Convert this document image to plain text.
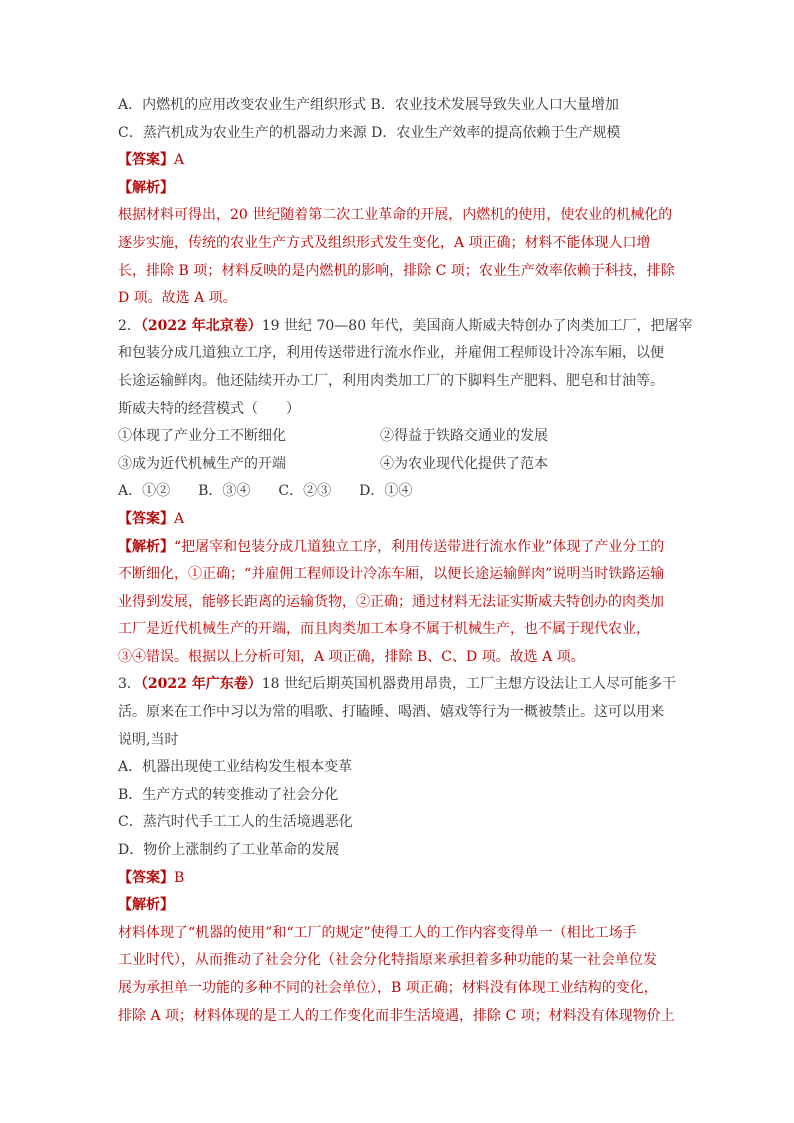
A．内燃机的应用改变农业生产组织形式 B．农业技术发展导致失业人口大量增加
C．蒸汽机成为农业生产的机器动力来源 D．农业生产效率的提高依赖于生产规模
【答案】A
【解析】
根据材料可得出，20 世纪随着第二次工业革命的开展，内燃机的使用，使农业的机械化的
逐步实施，传统的农业生产方式及组织形式发生变化，A 项正确；材料不能体现人口增
长，排除 B 项；材料反映的是内燃机的影响，排除 C 项；农业生产效率依赖于科技，排除
D 项。故选 A 项。
2．（2022 年北京卷）19 世纪 70—80 年代，美国商人斯威夫特创办了肉类加工厂，把屠宰
和包装分成几道独立工序，利用传送带进行流水作业，并雇佣工程师设计冷冻车厢，以便
长途运输鲜肉。他还陆续开办工厂，利用肉类加工厂的下脚料生产肥料、肥皂和甘油等。
斯威夫特的经营模式（　　）
①体现了产业分工不断细化	②得益于铁路交通业的发展
③成为近代机械生产的开端	④为农业现代化提供了范本
A．①② B．③④ C．②③ D．①④
【答案】A
【解析】“把屠宰和包装分成几道独立工序，利用传送带进行流水作业”体现了产业分工的
不断细化，①正确；“并雇佣工程师设计冷冻车厢，以便长途运输鲜肉”说明当时铁路运输
业得到发展，能够长距离的运输货物，②正确；通过材料无法证实斯威夫特创办的肉类加
工厂是近代机械生产的开端，而且肉类加工本身不属于机械生产，也不属于现代农业，
③④错误。根据以上分析可知，A 项正确，排除 B、C、D 项。故选 A 项。
3．（2022 年广东卷）18 世纪后期英国机器费用昂贵，工厂主想方设法让工人尽可能多干
活。原来在工作中习以为常的唱歌、打瞌睡、喝酒、嬉戏等行为一概被禁止。这可以用来
说明,当时
A．机器出现使工业结构发生根本变革
B．生产方式的转变推动了社会分化
C．蒸汽时代手工工人的生活境遇恶化
D．物价上涨制约了工业革命的发展
【答案】B
【解析】
材料体现了“机器的使用”和“工厂的规定”使得工人的工作内容变得单一（相比工场手
工业时代），从而推动了社会分化（社会分化特指原来承担着多种功能的某一社会单位发
展为承担单一功能的多种不同的社会单位），B 项正确；材料没有体现工业结构的变化，
排除 A 项；材料体现的是工人的工作变化而非生活境遇，排除 C 项；材料没有体现物价上
